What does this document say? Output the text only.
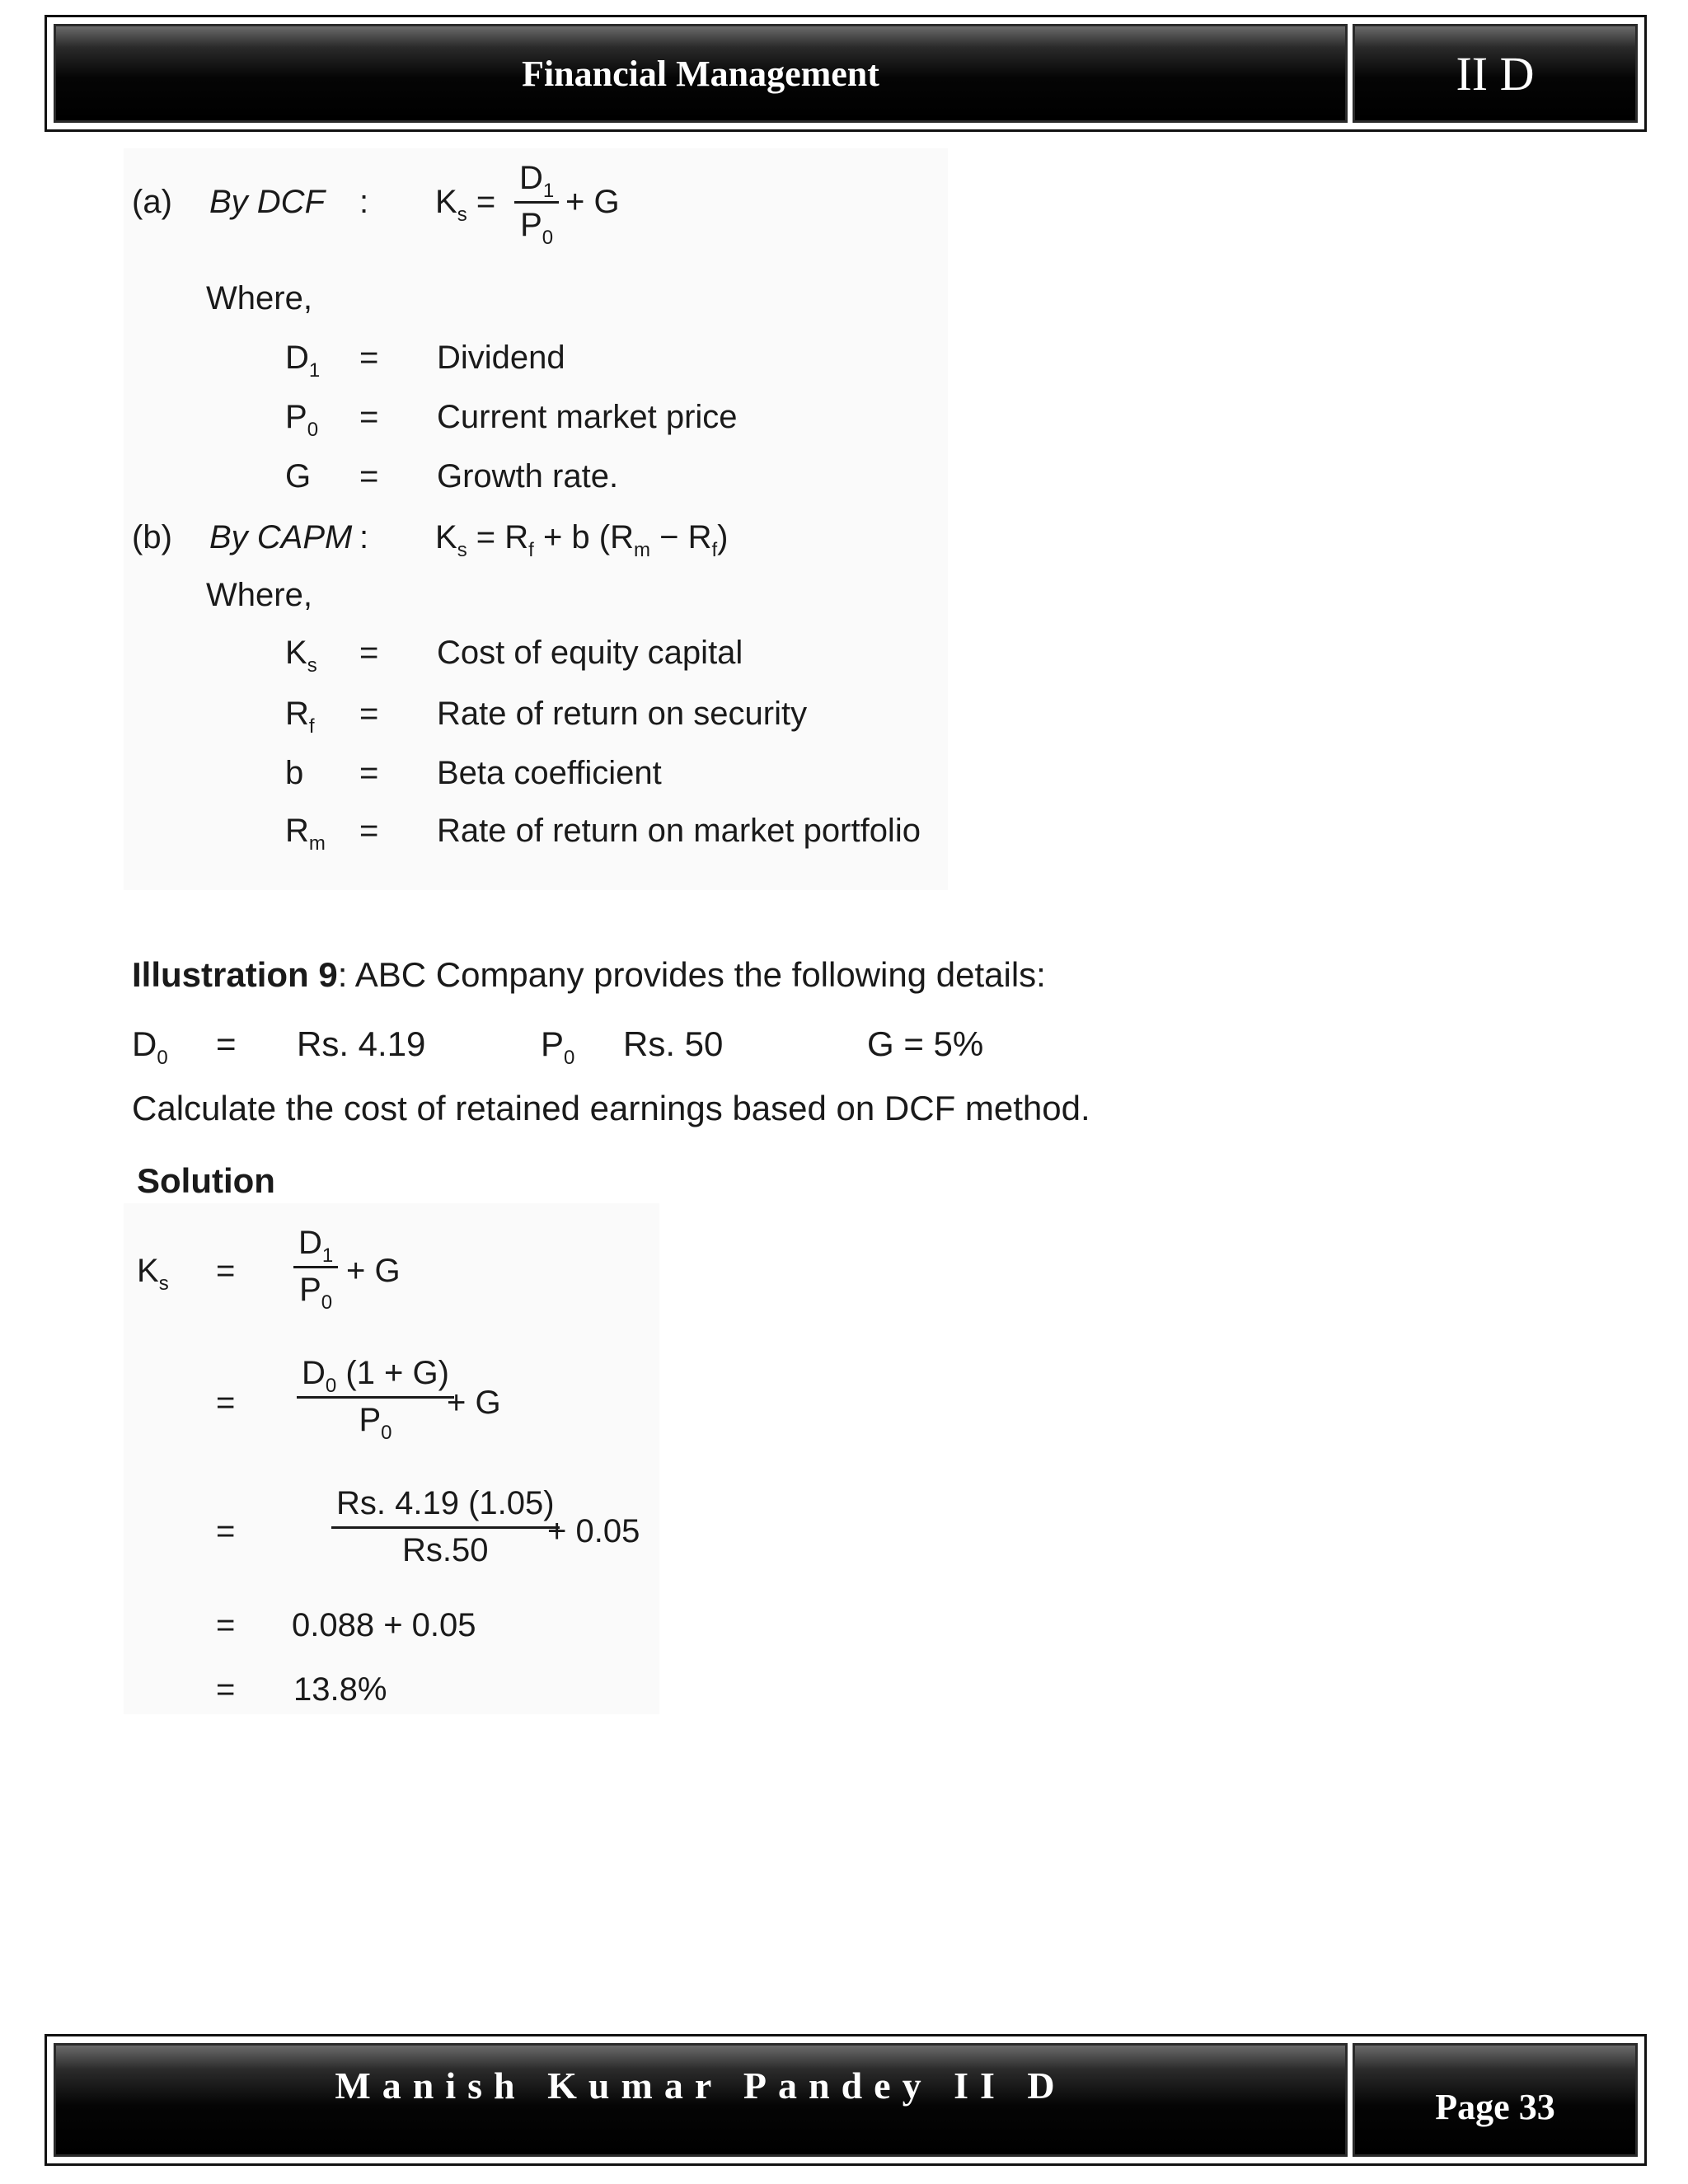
Financial Management	II D
(a) By DCF : $K_s = \frac{D_1}{P_0} + G$
Where,
$D_1$ = Dividend
$P_0$ = Current market price
G = Growth rate.
(b) By CAPM : $K_s = R_f + b$ $(R_m - R_f)$
Where,
$K_s$ = Cost of equity capital
$R_f$ = Rate of return on security
b = Beta coefficient
$R_m$ = Rate of return on market portfolio
Illustration 9: ABC Company provides the following details:
$D_0 = Rs$. 4.19	$P_0$ Rs. 50	G = 5%
Calculate the cost of retained earnings based on DCF method.
Solution
$K_s = \frac{D_1}{P_0} + G$
= $\frac{D_0 (1 + G)}{P_0}$
+ G
=	$\frac{Rs. 4.19 (1.05)}{Rs.50}$
+ 0.05
= 0.088 + 0.05
= 13.8%
Manish Kumar Pandey II D	Page 33
